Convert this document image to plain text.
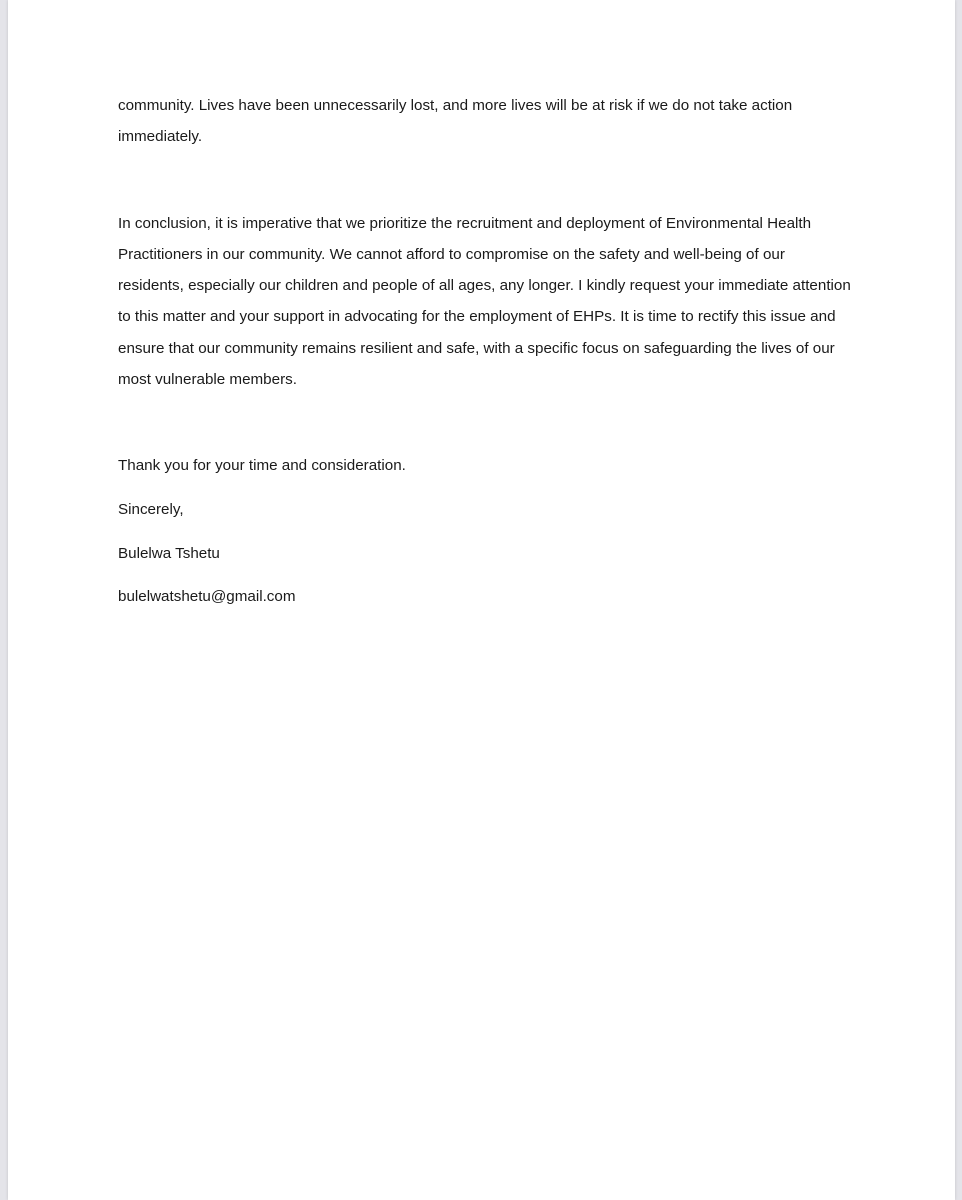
community. Lives have been unnecessarily lost, and more lives will be at risk if we do not take action immediately.

In conclusion, it is imperative that we prioritize the recruitment and deployment of Environmental Health Practitioners in our community. We cannot afford to compromise on the safety and well-being of our residents, especially our children and people of all ages, any longer. I kindly request your immediate attention to this matter and your support in advocating for the employment of EHPs. It is time to rectify this issue and ensure that our community remains resilient and safe, with a specific focus on safeguarding the lives of our most vulnerable members.

Thank you for your time and consideration.

Sincerely,

Bulelwa Tshetu

bulelwatshetu@gmail.com
